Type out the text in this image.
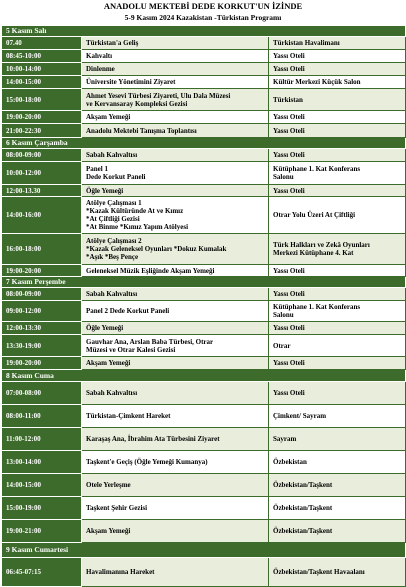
ANADOLU MEKTEBİ DEDE KORKUT'UN İZİNDE
5-9 Kasım 2024 Kazakistan -Türkistan Programı
5 Kasım Salı		
07.40	Türkistan'a Geliş	Türkistan Havalimanı
08:45-10:00	Kahvaltı	Yassı Oteli
10:00-14:00	Dinlenme	Yassı Oteli
14:00-15:00	Üniversite Yönetimini Ziyaret	Kültür Merkezi Küçük Salon
15:00-18:00	Ahmet Yesevi Türbesi Ziyareti, Ulu Dala Müzesi
ve Kervansaray Kompleksi Gezisi	Türkistan
19:00-20:00	Akşam Yemeği	Yassı Oteli
21:00-22:30	Anadolu Mektebi Tanışma Toplantısı	Yassı Oteli
6 Kasım Çarşamba		
08:00-09:00	Sabah Kahvaltısı	Yassı Oteli
10:00-12:00	Panel 1
Dede Korkut Paneli	Kütüphane 1. Kat Konferans
Salonu
12:00-13.30	Öğle Yemeği	Yassı Oteli
14:00-16:00	Atölye Çalışması 1
*Kazak Kültüründe At ve Kımız
*At Çiftliği Gezisi
*At Binme *Kımız Yapım Atölyesi	Otrar Yolu Üzeri At Çiftliği
16:00-18:00	Atölye Çalışması 2
*Kazak Geleneksel Oyunları *Dokuz Kumalak
*Aşık *Beş Pençe	Türk Halkları ve Zekâ Oyunları
Merkezi Kütüphane 4. Kat
19:00-20:00	Geleneksel Müzik Eşliğinde Akşam Yemeği	Yassı Oteli
7 Kasım Perşembe		
08:00-09:00	Sabah Kahvaltısı	Yassı Oteli
09:00-12:00	Panel 2 Dede Korkut Paneli	Kütüphane 1. Kat Konferans
Salonu
12:00-13:30	Öğle Yemeği	Yassı Oteli
13:30-19:00	Gauvhar Ana, Arslan Baba Türbesi, Otrar
Müzesi ve Otrar Kalesi Gezisi	Otrar
19:00-20:00	Akşam Yemeği	Yassı Oteli
8 Kasım Cuma		
07:00-08:00	Sabah Kahvaltısı	Yassı Oteli
08:00-11:00	Türkistan-Çimkent Hareket	Çimkent/ Sayram
11:00-12:00	Karaşaş Ana, İbrahim Ata Türbesini Ziyaret	Sayram
13:00-14:00	Taşkent'e Geçiş (Öğle Yemeği Kumanya)	Özbekistan
14:00-15:00	Otele Yerleşme	Özbekistan/Taşkent
15:00-19:00	Taşkent Şehir Gezisi	Özbekistan/Taşkent
19:00-21:00	Akşam Yemeği	Özbekistan/Taşkent
9 Kasım Cumartesi		
06:45-07:15	Havalimanına Hareket	Özbekistan/Taşkent Havaalanı
